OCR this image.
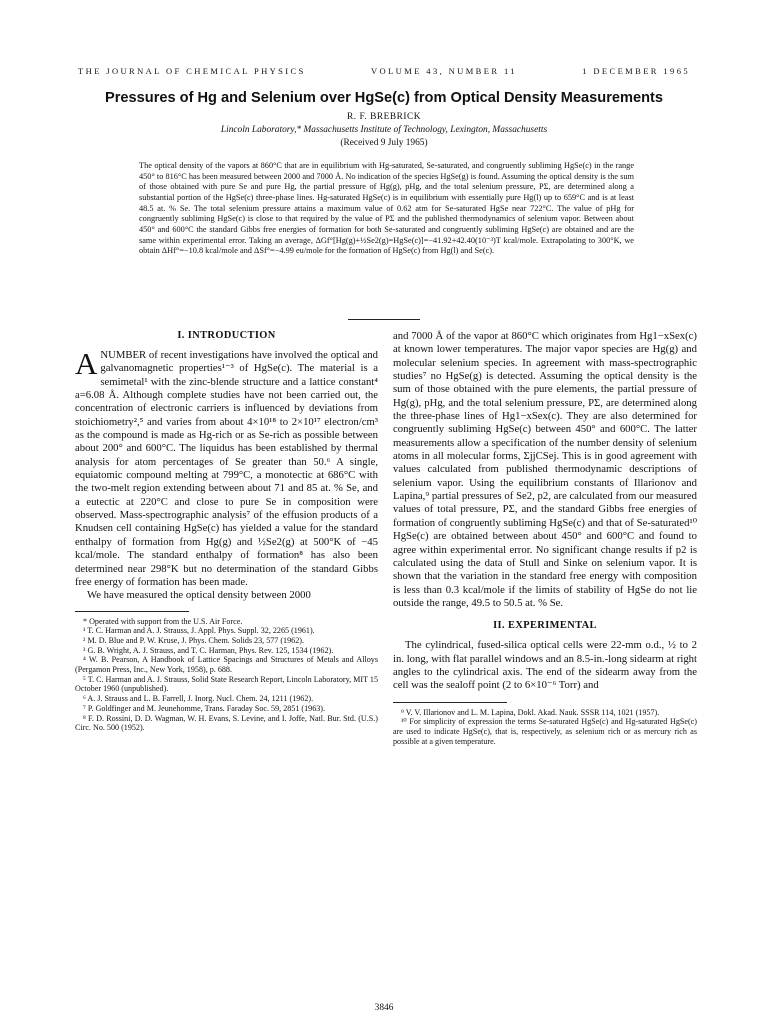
THE JOURNAL OF CHEMICAL PHYSICS	VOLUME 43, NUMBER 11	1 DECEMBER 1965
Pressures of Hg and Selenium over HgSe(c) from Optical Density Measurements
R. F. BREBRICK
Lincoln Laboratory,* Massachusetts Institute of Technology, Lexington, Massachusetts
(Received 9 July 1965)
The optical density of the vapors at 860°C that are in equilibrium with Hg-saturated, Se-saturated, and congruently subliming HgSe(c) in the range 450° to 816°C has been measured between 2000 and 7000 Å. No indication of the species HgSe(g) is found. Assuming the optical density is the sum of those obtained with pure Se and pure Hg, the partial pressure of Hg(g), pHg, and the total selenium pressure, PΣ, are determined along a substantial portion of the HgSe(c) three-phase lines. Hg-saturated HgSe(c) is in equilibrium with essentially pure Hg(l) up to 659°C and is at least 48.5 at. % Se. The total selenium pressure attains a maximum value of 0.62 atm for Se-saturated HgSe near 722°C. The value of pHg for congruently subliming HgSe(c) is close to that required by the value of PΣ and the published thermodynamics of selenium vapor. Between about 450° and 600°C the standard Gibbs free energies of formation for both Se-saturated and congruently subliming HgSe(c) are obtained and are the same within experimental error. Taking an average, ΔGf°[Hg(g)+½Se2(g)=HgSe(c)]=−41.92+42.40(10⁻³)T kcal/mole. Extrapolating to 300°K, we obtain ΔHf°=−10.8 kcal/mole and ΔSf°=−4.99 eu/mole for the formation of HgSe(c) from Hg(l) and Se(c).
I. INTRODUCTION
A NUMBER of recent investigations have involved the optical and galvanomagnetic properties¹⁻³ of HgSe(c). The material is a semimetal¹ with the zinc-blende structure and a lattice constant⁴ a=6.08 Å. Although complete studies have not been carried out, the concentration of electronic carriers is influenced by deviations from stoichiometry²,⁵ and varies from about 4×10¹⁸ to 2×10¹⁷ electron/cm³ as the compound is made as Hg-rich or as Se-rich as possible between about 200° and 600°C. The liquidus has been established by thermal analysis for atom percentages of Se greater than 50.⁶ A single, equiatomic compound melting at 799°C, a monotectic at 686°C with the two-melt region extending between about 71 and 85 at. % Se, and a eutectic at 220°C and close to pure Se in composition were observed. Mass-spectrographic analysis⁷ of the effusion products of a Knudsen cell containing HgSe(c) has yielded a value for the standard enthalpy of formation from Hg(g) and ½Se2(g) at 500°K of −45 kcal/mole. The standard enthalpy of formation⁸ has also been determined near 298°K but no determination of the standard Gibbs free energy of formation has been made.
We have measured the optical density between 2000
* Operated with support from the U.S. Air Force.
¹ T. C. Harman and A. J. Strauss, J. Appl. Phys. Suppl. 32, 2265 (1961).
² M. D. Blue and P. W. Kruse, J. Phys. Chem. Solids 23, 577 (1962).
³ G. B. Wright, A. J. Strauss, and T. C. Harman, Phys. Rev. 125, 1534 (1962).
⁴ W. B. Pearson, A Handbook of Lattice Spacings and Structures of Metals and Alloys (Pergamon Press, Inc., New York, 1958), p. 688.
⁵ T. C. Harman and A. J. Strauss, Solid State Research Report, Lincoln Laboratory, MIT 15 October 1960 (unpublished).
⁶ A. J. Strauss and L. B. Farrell, J. Inorg. Nucl. Chem. 24, 1211 (1962).
⁷ P. Goldfinger and M. Jeunehomme, Trans. Faraday Soc. 59, 2851 (1963).
⁸ F. D. Rossini, D. D. Wagman, W. H. Evans, S. Levine, and I. Joffe, Natl. Bur. Std. (U.S.) Circ. No. 500 (1952).
and 7000 Å of the vapor at 860°C which originates from Hg1−xSex(c) at known lower temperatures. The major vapor species are Hg(g) and molecular selenium species. In agreement with mass-spectrographic studies⁷ no HgSe(g) is detected. Assuming the optical density is the sum of those obtained with the pure elements, the partial pressure of Hg(g), pHg, and the total selenium pressure, PΣ, are determined along the three-phase lines of Hg1−xSex(c). They are also determined for congruently subliming HgSe(c) between 450° and 600°C. The latter measurements allow a specification of the number density of selenium atoms in all molecular forms, ΣjjCSej. This is in good agreement with values calculated from published thermodynamic descriptions of selenium vapor. Using the equilibrium constants of Illarionov and Lapina,⁹ partial pressures of Se2, p2, are calculated from our measured values of total pressure, PΣ, and the standard Gibbs free energies of formation of congruently subliming HgSe(c) and that of Se-saturated¹⁰ HgSe(c) are obtained between about 450° and 600°C and found to agree within experimental error. No significant change results if p2 is calculated using the data of Stull and Sinke on selenium vapor. It is shown that the variation in the standard free energy with composition is less than 0.3 kcal/mole if the limits of stability of HgSe do not lie outside the range, 49.5 to 50.5 at. % Se.
II. EXPERIMENTAL
The cylindrical, fused-silica optical cells were 22-mm o.d., ½ to 2 in. long, with flat parallel windows and an 8.5-in.-long sidearm at right angles to the cylindrical axis. The end of the sidearm away from the cell was the sealoff point (2 to 6×10⁻⁶ Torr) and
⁹ V. V. Illarionov and L. M. Lapina, Dokl. Akad. Nauk. SSSR 114, 1021 (1957).
¹⁰ For simplicity of expression the terms Se-saturated HgSe(c) and Hg-saturated HgSe(c) are used to indicate HgSe(c), that is, respectively, as selenium rich or as mercury rich as possible at a given temperature.
3846
